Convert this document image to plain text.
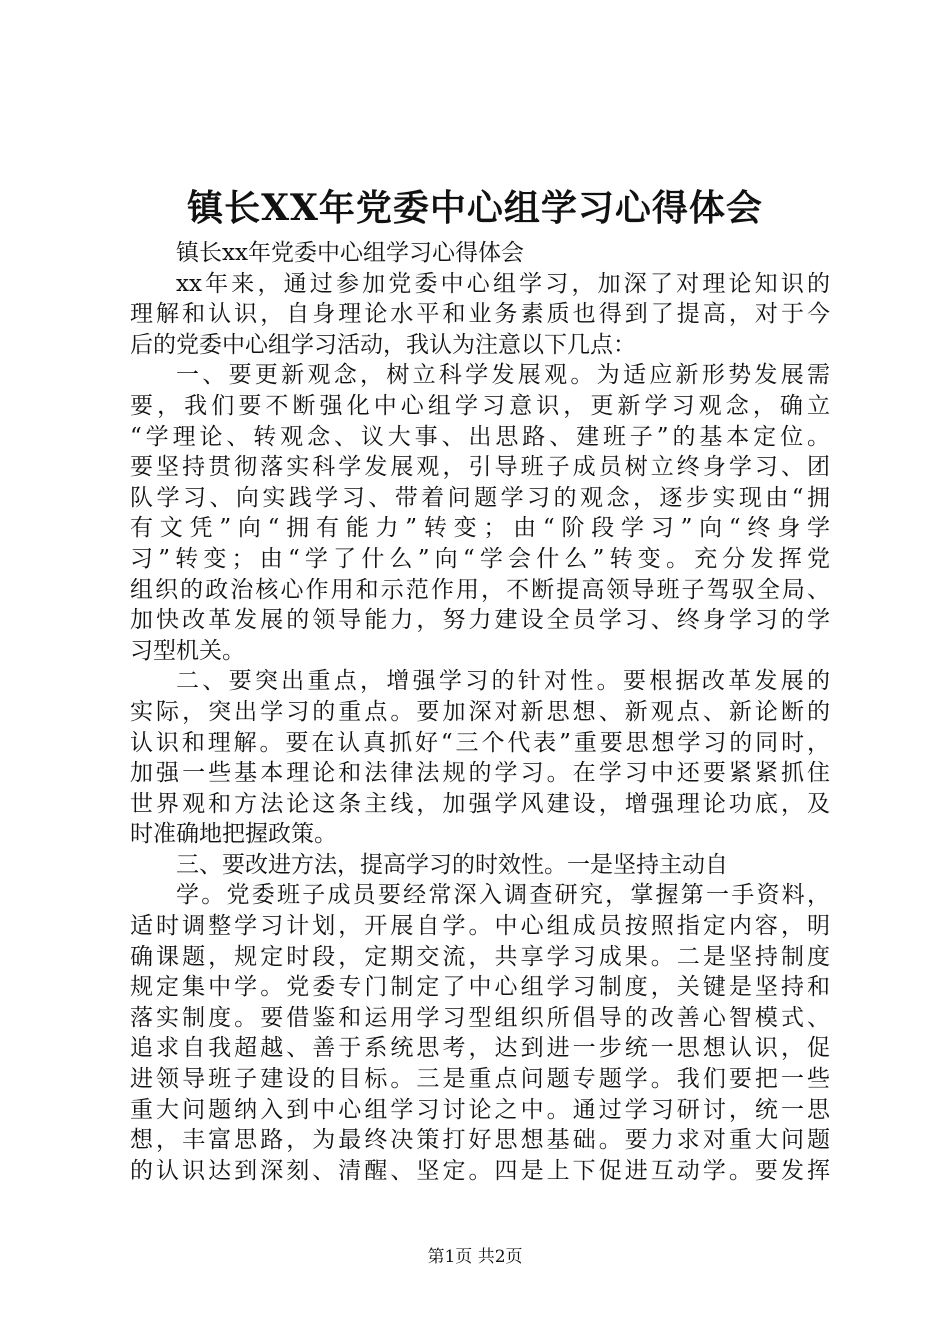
镇长XX年党委中心组学习心得体会
镇长xx年党委中心组学习心得体会
xx年来，通过参加党委中心组学习，加深了对理论知识的
理解和认识，自身理论水平和业务素质也得到了提高，对于今
后的党委中心组学习活动，我认为注意以下几点：
一、要更新观念，树立科学发展观。为适应新形势发展需
要，我们要不断强化中心组学习意识，更新学习观念，确立
“学理论、转观念、议大事、出思路、建班子”的基本定位。
要坚持贯彻落实科学发展观，引导班子成员树立终身学习、团
队学习、向实践学习、带着问题学习的观念，逐步实现由“拥
有文凭”向“拥有能力”转变；由“阶段学习”向“终身学
习”转变；由“学了什么”向“学会什么”转变。充分发挥党
组织的政治核心作用和示范作用，不断提高领导班子驾驭全局、
加快改革发展的领导能力，努力建设全员学习、终身学习的学
习型机关。
二、要突出重点，增强学习的针对性。要根据改革发展的
实际，突出学习的重点。要加深对新思想、新观点、新论断的
认识和理解。要在认真抓好“三个代表”重要思想学习的同时，
加强一些基本理论和法律法规的学习。在学习中还要紧紧抓住
世界观和方法论这条主线，加强学风建设，增强理论功底，及
时准确地把握政策。
三、要改进方法，提高学习的时效性。一是坚持主动自
学。党委班子成员要经常深入调查研究，掌握第一手资料，
适时调整学习计划，开展自学。中心组成员按照指定内容，明
确课题，规定时段，定期交流，共享学习成果。二是坚持制度
规定集中学。党委专门制定了中心组学习制度，关键是坚持和
落实制度。要借鉴和运用学习型组织所倡导的改善心智模式、
追求自我超越、善于系统思考，达到进一步统一思想认识，促
进领导班子建设的目标。三是重点问题专题学。我们要把一些
重大问题纳入到中心组学习讨论之中。通过学习研讨，统一思
想，丰富思路，为最终决策打好思想基础。要力求对重大问题
的认识达到深刻、清醒、坚定。四是上下促进互动学。要发挥
第1页 共2页
